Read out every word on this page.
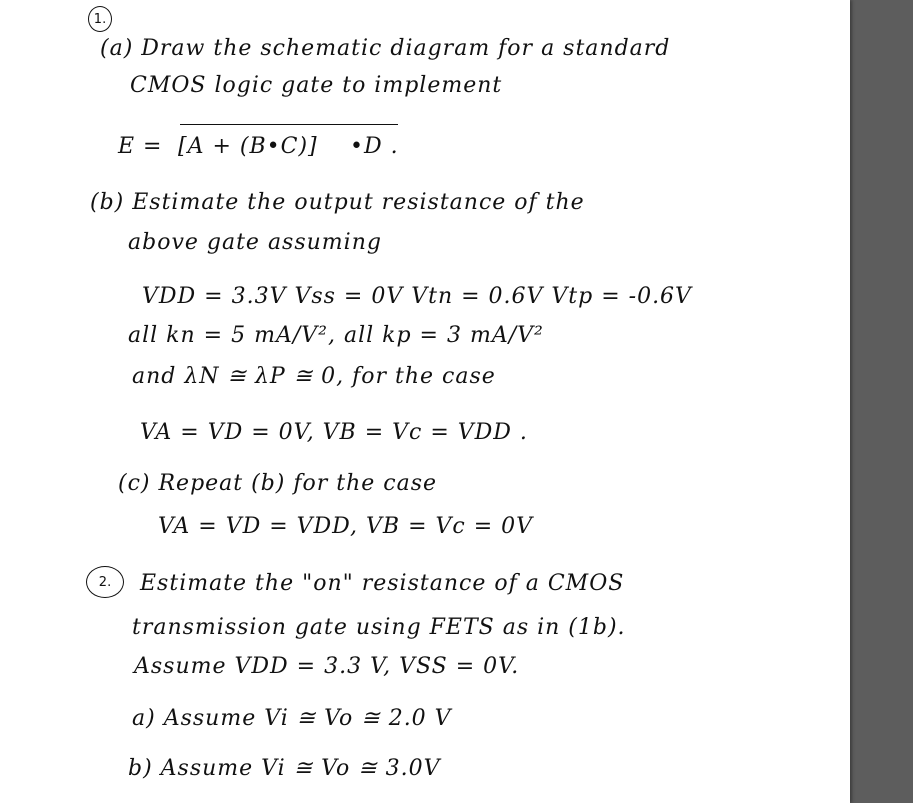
1.
(a) Draw the schematic diagram for a standard
CMOS logic gate to implement
E = [A + (B•C)] •D .
(b) Estimate the output resistance of the
above gate assuming
VDD = 3.3V Vss = 0V Vtn = 0.6V Vtp = -0.6V
all kn = 5 mA/V², all kp = 3 mA/V²
and λN ≅ λP ≅ 0, for the case
VA = VD = 0V, VB = Vc = VDD .
(c) Repeat (b) for the case
VA = VD = VDD, VB = Vc = 0V
2.	Estimate the "on" resistance of a CMOS
transmission gate using FETS as in (1b).
Assume VDD = 3.3 V, VSS = 0V.
a) Assume Vi ≅ Vo ≅ 2.0 V
b) Assume Vi ≅ Vo ≅ 3.0V
